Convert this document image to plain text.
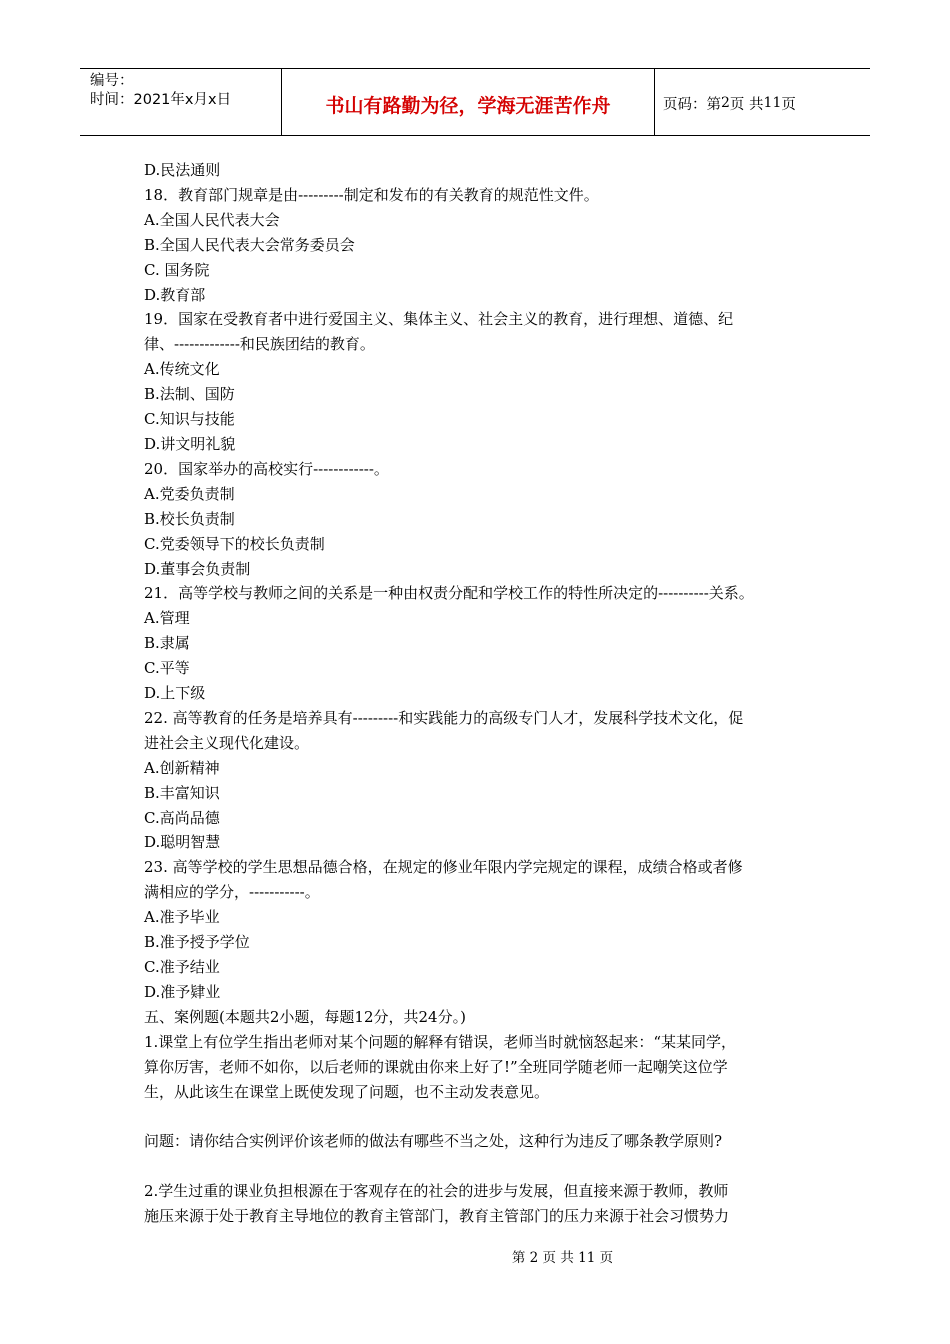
编号：
时间：2021年x月x日	书山有路勤为径，学海无涯苦作舟	页码：第 2 页 共 11 页
D.民法通则
18．教育部门规章是由---------制定和发布的有关教育的规范性文件。
A.全国人民代表大会
B.全国人民代表大会常务委员会
C. 国务院
D.教育部
19．国家在受教育者中进行爱国主义、集体主义、社会主义的教育，进行理想、道德、纪
律、-------------和民族团结的教育。
A.传统文化
B.法制、国防
C.知识与技能
D.讲文明礼貌
20．国家举办的高校实行------------。
A.党委负责制
B.校长负责制
C.党委领导下的校长负责制
D.董事会负责制
21．高等学校与教师之间的关系是一种由权责分配和学校工作的特性所决定的----------关系。
A.管理
B.隶属
C.平等
D.上下级
22. 高等教育的任务是培养具有---------和实践能力的高级专门人才，发展科学技术文化，促
进社会主义现代化建设。
A.创新精神
B.丰富知识
C.高尚品德
D.聪明智慧
23. 高等学校的学生思想品德合格，在规定的修业年限内学完规定的课程，成绩合格或者修
满相应的学分，-----------。
A.准予毕业
B.准予授予学位
C.准予结业
D.准予肄业
五、案例题(本题共2小题，每题12分，共24分。)
1.课堂上有位学生指出老师对某个问题的解释有错误，老师当时就恼怒起来：“某某同学，
算你厉害，老师不如你，以后老师的课就由你来上好了!”全班同学随老师一起嘲笑这位学
生，从此该生在课堂上既使发现了问题，也不主动发表意见。
问题：请你结合实例评价该老师的做法有哪些不当之处，这种行为违反了哪条教学原则?
2.学生过重的课业负担根源在于客观存在的社会的进步与发展，但直接来源于教师，教师
施压来源于处于教育主导地位的教育主管部门，教育主管部门的压力来源于社会习惯势力
第 2 页 共 11 页
